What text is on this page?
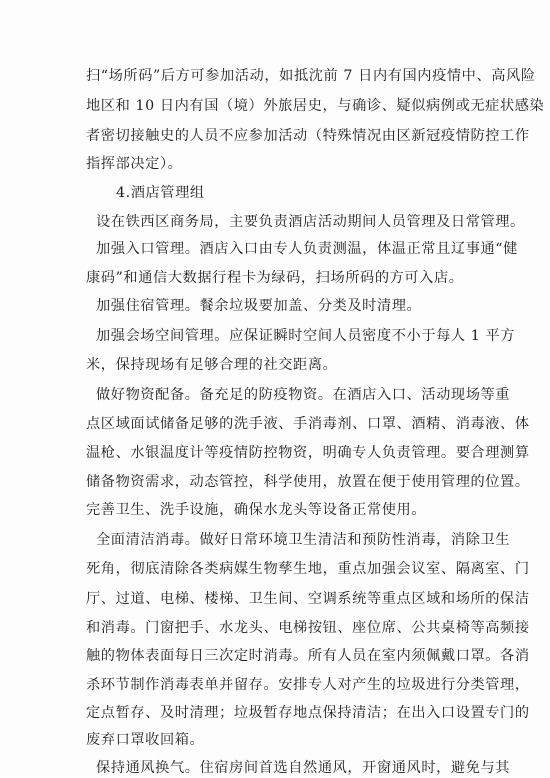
扫“场所码”后方可参加活动，如抵沈前 7 日内有国内疫情中、高风险
地区和 10 日内有国（境）外旅居史，与确诊、疑似病例或无症状感染
者密切接触史的人员不应参加活动（特殊情况由区新冠疫情防控工作
指挥部决定）。
4.酒店管理组
设在铁西区商务局，主要负责酒店活动期间人员管理及日常管理。
加强入口管理。酒店入口由专人负责测温，体温正常且辽事通“健
康码”和通信大数据行程卡为绿码，扫场所码的方可入店。
加强住宿管理。餐余垃圾要加盖、分类及时清理。
加强会场空间管理。应保证瞬时空间人员密度不小于每人 1 平方
米，保持现场有足够合理的社交距离。
做好物资配备。备充足的防疫物资。在酒店入口、活动现场等重
点区域面试储备足够的洗手液、手消毒剂、口罩、酒精、消毒液、体
温枪、水银温度计等疫情防控物资，明确专人负责管理。要合理测算
储备物资需求，动态管控，科学使用，放置在便于使用管理的位置。
完善卫生、洗手设施，确保水龙头等设备正常使用。
全面清洁消毒。做好日常环境卫生清洁和预防性消毒，消除卫生
死角，彻底清除各类病媒生物孳生地，重点加强会议室、隔离室、门
厅、过道、电梯、楼梯、卫生间、空调系统等重点区域和场所的保洁
和消毒。门窗把手、水龙头、电梯按钮、座位席、公共桌椅等高频接
触的物体表面每日三次定时消毒。所有人员在室内须佩戴口罩。各消
杀环节制作消毒表单并留存。安排专人对产生的垃圾进行分类管理，
定点暂存、及时清理；垃圾暂存地点保持清洁；在出入口设置专门的
废弃口罩收回箱。
保持通风换气。住宿房间首选自然通风，开窗通风时，避免与其
